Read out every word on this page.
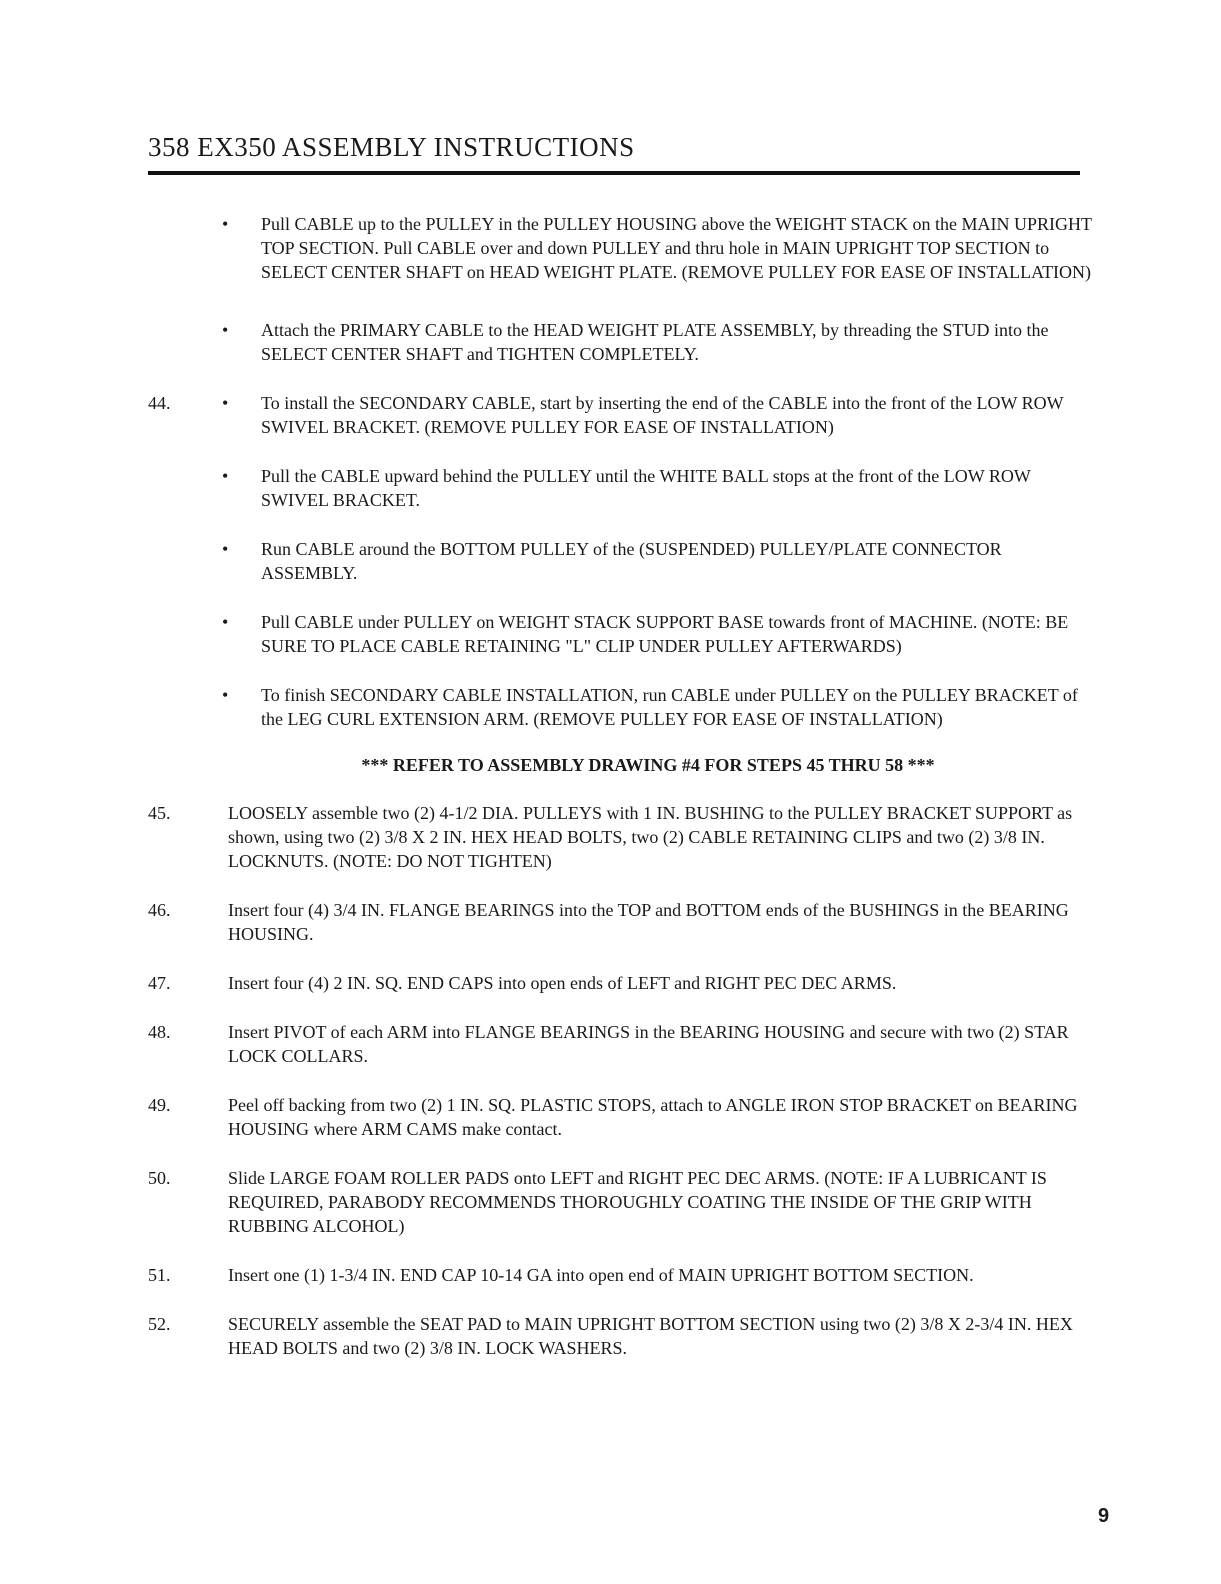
358 EX350 ASSEMBLY INSTRUCTIONS
• Pull CABLE up to the PULLEY in the PULLEY HOUSING above the WEIGHT STACK on the MAIN UPRIGHT TOP SECTION. Pull CABLE over and down PULLEY and thru hole in MAIN UPRIGHT TOP SECTION to SELECT CENTER SHAFT on HEAD WEIGHT PLATE. (REMOVE PULLEY FOR EASE OF INSTALLATION)
• Attach the PRIMARY CABLE to the HEAD WEIGHT PLATE ASSEMBLY, by threading the STUD into the SELECT CENTER SHAFT and TIGHTEN COMPLETELY.
44.	• To install the SECONDARY CABLE, start by inserting the end of the CABLE into the front of the LOW ROW SWIVEL BRACKET. (REMOVE PULLEY FOR EASE OF INSTALLATION)
• Pull the CABLE upward behind the PULLEY until the WHITE BALL stops at the front of the LOW ROW SWIVEL BRACKET.
• Run CABLE around the BOTTOM PULLEY of the (SUSPENDED) PULLEY/PLATE CONNECTOR ASSEMBLY.
• Pull CABLE under PULLEY on WEIGHT STACK SUPPORT BASE towards front of MACHINE. (NOTE: BE SURE TO PLACE CABLE RETAINING "L" CLIP UNDER PULLEY AFTERWARDS)
• To finish SECONDARY CABLE INSTALLATION, run CABLE under PULLEY on the PULLEY BRACKET of the LEG CURL EXTENSION ARM. (REMOVE PULLEY FOR EASE OF INSTALLATION)
*** REFER TO ASSEMBLY DRAWING #4 FOR STEPS 45 THRU 58 ***
45.	LOOSELY assemble two (2) 4-1/2 DIA. PULLEYS with 1 IN. BUSHING to the PULLEY BRACKET SUPPORT as shown, using two (2) 3/8 X 2 IN. HEX HEAD BOLTS, two (2) CABLE RETAINING CLIPS and two (2) 3/8 IN. LOCKNUTS. (NOTE: DO NOT TIGHTEN)
46.	Insert four (4) 3/4 IN. FLANGE BEARINGS into the TOP and BOTTOM ends of the BUSHINGS in the BEARING HOUSING.
47.	Insert four (4) 2 IN. SQ. END CAPS into open ends of LEFT and RIGHT PEC DEC ARMS.
48.	Insert PIVOT of each ARM into FLANGE BEARINGS in the BEARING HOUSING and secure with two (2) STAR LOCK COLLARS.
49.	Peel off backing from two (2) 1 IN. SQ. PLASTIC STOPS, attach to ANGLE IRON STOP BRACKET on BEARING HOUSING where ARM CAMS make contact.
50.	Slide LARGE FOAM ROLLER PADS onto LEFT and RIGHT PEC DEC ARMS. (NOTE: IF A LUBRICANT IS REQUIRED, PARABODY RECOMMENDS THOROUGHLY COATING THE INSIDE OF THE GRIP WITH RUBBING ALCOHOL)
51.	Insert one (1) 1-3/4 IN. END CAP 10-14 GA into open end of MAIN UPRIGHT BOTTOM SECTION.
52.	SECURELY assemble the SEAT PAD to MAIN UPRIGHT BOTTOM SECTION using two (2) 3/8 X 2-3/4 IN. HEX HEAD BOLTS and two (2) 3/8 IN. LOCK WASHERS.
9
